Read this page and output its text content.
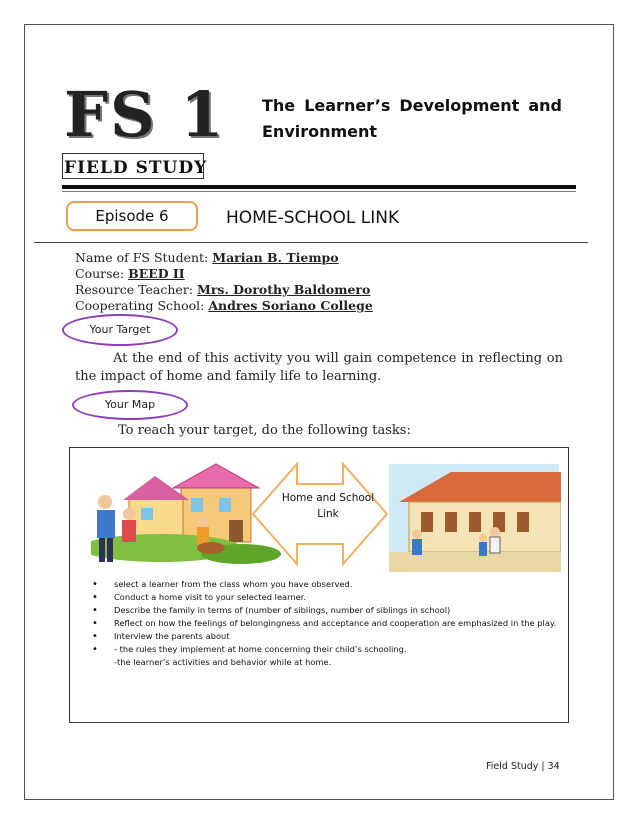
FS 1
FIELD STUDY
The Learner’s Development and
Environment
Episode 6	HOME-SCHOOL LINK
Name of FS Student: Marian B. Tiempo
Course: BEED II
Resource Teacher: Mrs. Dorothy Baldomero
Cooperating School: Andres Soriano College
Your Target
At the end of this activity you will gain competence in reflecting on the impact of home and family life to learning.
Your Map
To reach your target, do the following tasks:
Home and School
Link
• select a learner from the class whom you have observed.
• Conduct a home visit to your selected learner.
• Describe the family in terms of (number of siblings, number of siblings in school)
• Reflect on how the feelings of belongingness and acceptance and cooperation are emphasized in the play.
• Interview the parents about
• - the rules they implement at home concerning their child’s schooling.
-the learner’s activities and behavior while at home.
Field Study | 34
